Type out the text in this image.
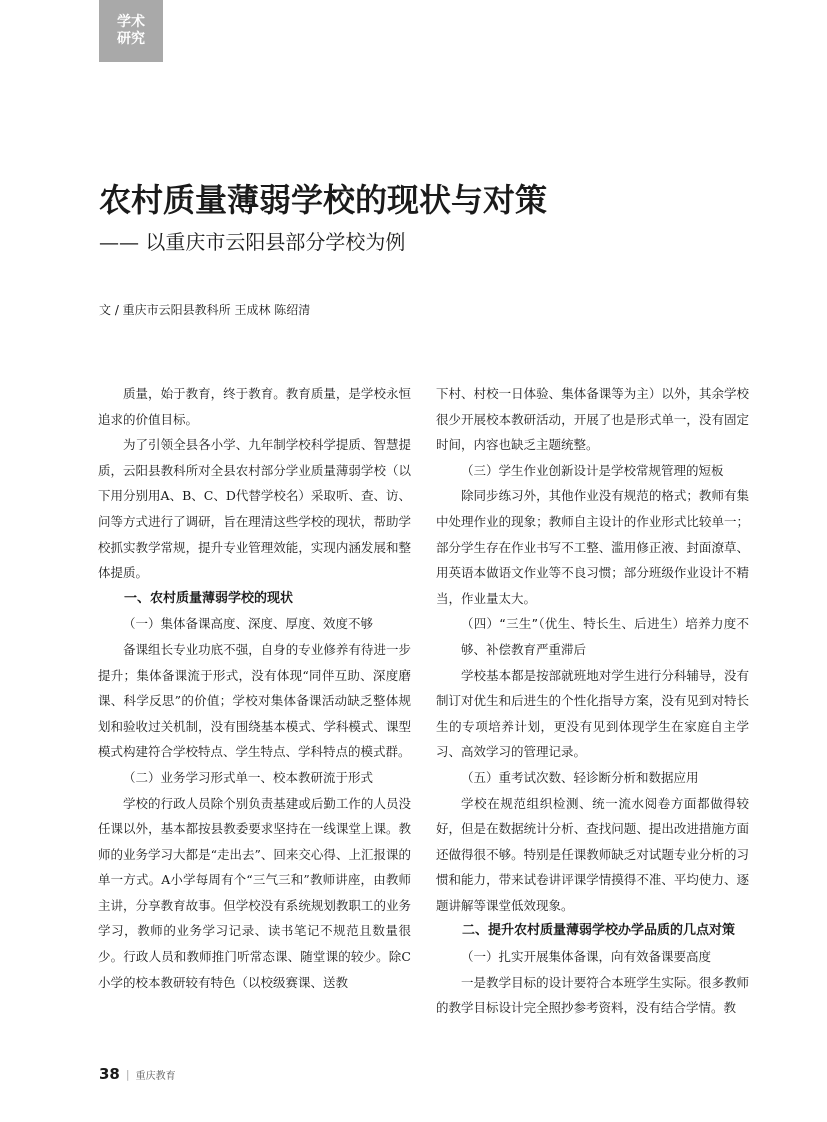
学术
研究
农村质量薄弱学校的现状与对策
—— 以重庆市云阳县部分学校为例
文 / 重庆市云阳县教科所 王成林 陈绍清

质量，始于教育，终于教育。教育质量，是学校永恒追求的价值目标。

为了引领全县各小学、九年制学校科学提质、智慧提质，云阳县教科所对全县农村部分学业质量薄弱学校（以下用分别用A、B、C、D代替学校名）采取听、查、访、问等方式进行了调研，旨在理清这些学校的现状，帮助学校抓实教学常规，提升专业管理效能，实现内涵发展和整体提质。

一、农村质量薄弱学校的现状
（一）集体备课高度、深度、厚度、效度不够

备课组长专业功底不强，自身的专业修养有待进一步提升；集体备课流于形式，没有体现“同伴互助、深度磨课、科学反思”的价值；学校对集体备课活动缺乏整体规划和验收过关机制，没有围绕基本模式、学科模式、课型模式构建符合学校特点、学生特点、学科特点的模式群。

（二）业务学习形式单一、校本教研流于形式

学校的行政人员除个别负责基建或后勤工作的人员没任课以外，基本都按县教委要求坚持在一线课堂上课。教师的业务学习大都是“走出去”、回来交心得、上汇报课的单一方式。A小学每周有个“三气三和”教师讲座，由教师主讲，分享教育故事。但学校没有系统规划教职工的业务学习，教师的业务学习记录、读书笔记不规范且数量很少。行政人员和教师推门听常态课、随堂课的较少。除C小学的校本教研较有特色（以校级赛课、送教

下村、村校一日体验、集体备课等为主）以外，其余学校很少开展校本教研活动，开展了也是形式单一，没有固定时间，内容也缺乏主题统整。

（三）学生作业创新设计是学校常规管理的短板

除同步练习外，其他作业没有规范的格式；教师有集中处理作业的现象；教师自主设计的作业形式比较单一；部分学生存在作业书写不工整、滥用修正液、封面潦草、用英语本做语文作业等不良习惯；部分班级作业设计不精当，作业量太大。

（四）“三生”（优生、特长生、后进生）培养力度不够、补偿教育严重滞后

学校基本都是按部就班地对学生进行分科辅导，没有制订对优生和后进生的个性化指导方案，没有见到对特长生的专项培养计划，更没有见到体现学生在家庭自主学习、高效学习的管理记录。

（五）重考试次数、轻诊断分析和数据应用

学校在规范组织检测、统一流水阅卷方面都做得较好，但是在数据统计分析、查找问题、提出改进措施方面还做得很不够。特别是任课教师缺乏对试题专业分析的习惯和能力，带来试卷讲评课学情摸得不准、平均使力、逐题讲解等课堂低效现象。

二、提升农村质量薄弱学校办学品质的几点对策
（一）扎实开展集体备课，向有效备课要高度

一是教学目标的设计要符合本班学生实际。很多教师的教学目标设计完全照抄参考资料，没有结合学情。教

38 | 重庆教育
